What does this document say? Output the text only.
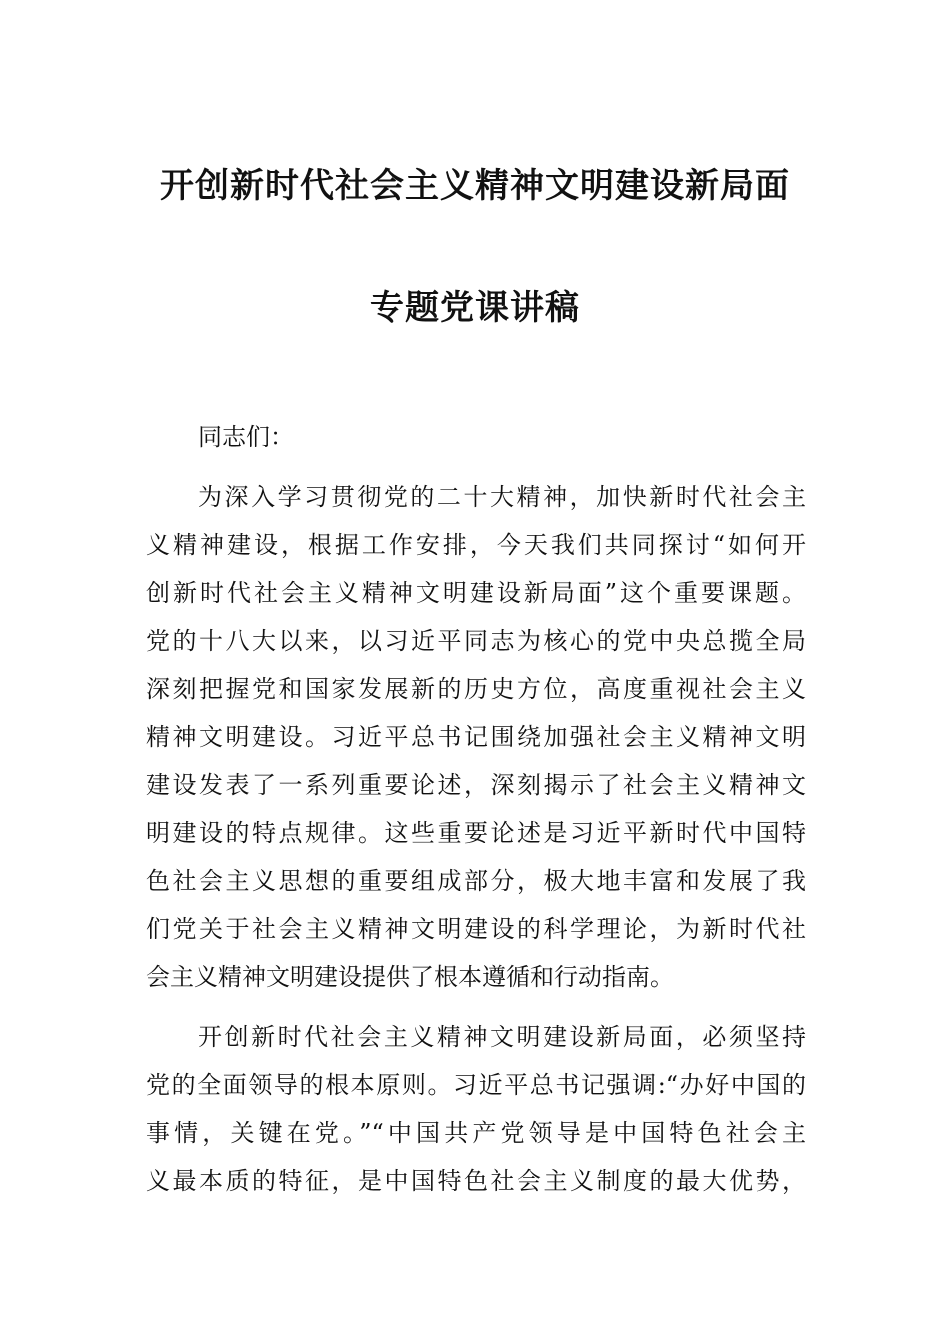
开创新时代社会主义精神文明建设新局面
专题党课讲稿
同志们：
为深入学习贯彻党的二十大精神，加快新时代社会主
义精神建设，根据工作安排，今天我们共同探讨“如何开
创新时代社会主义精神文明建设新局面”这个重要课题。
党的十八大以来，以习近平同志为核心的党中央总揽全局
深刻把握党和国家发展新的历史方位，高度重视社会主义
精神文明建设。习近平总书记围绕加强社会主义精神文明
建设发表了一系列重要论述，深刻揭示了社会主义精神文
明建设的特点规律。这些重要论述是习近平新时代中国特
色社会主义思想的重要组成部分，极大地丰富和发展了我
们党关于社会主义精神文明建设的科学理论，为新时代社
会主义精神文明建设提供了根本遵循和行动指南。
开创新时代社会主义精神文明建设新局面，必须坚持
党的全面领导的根本原则。习近平总书记强调:“办好中国的
事情，关键在党。”“中国共产党领导是中国特色社会主
义最本质的特征，是中国特色社会主义制度的最大优势，
